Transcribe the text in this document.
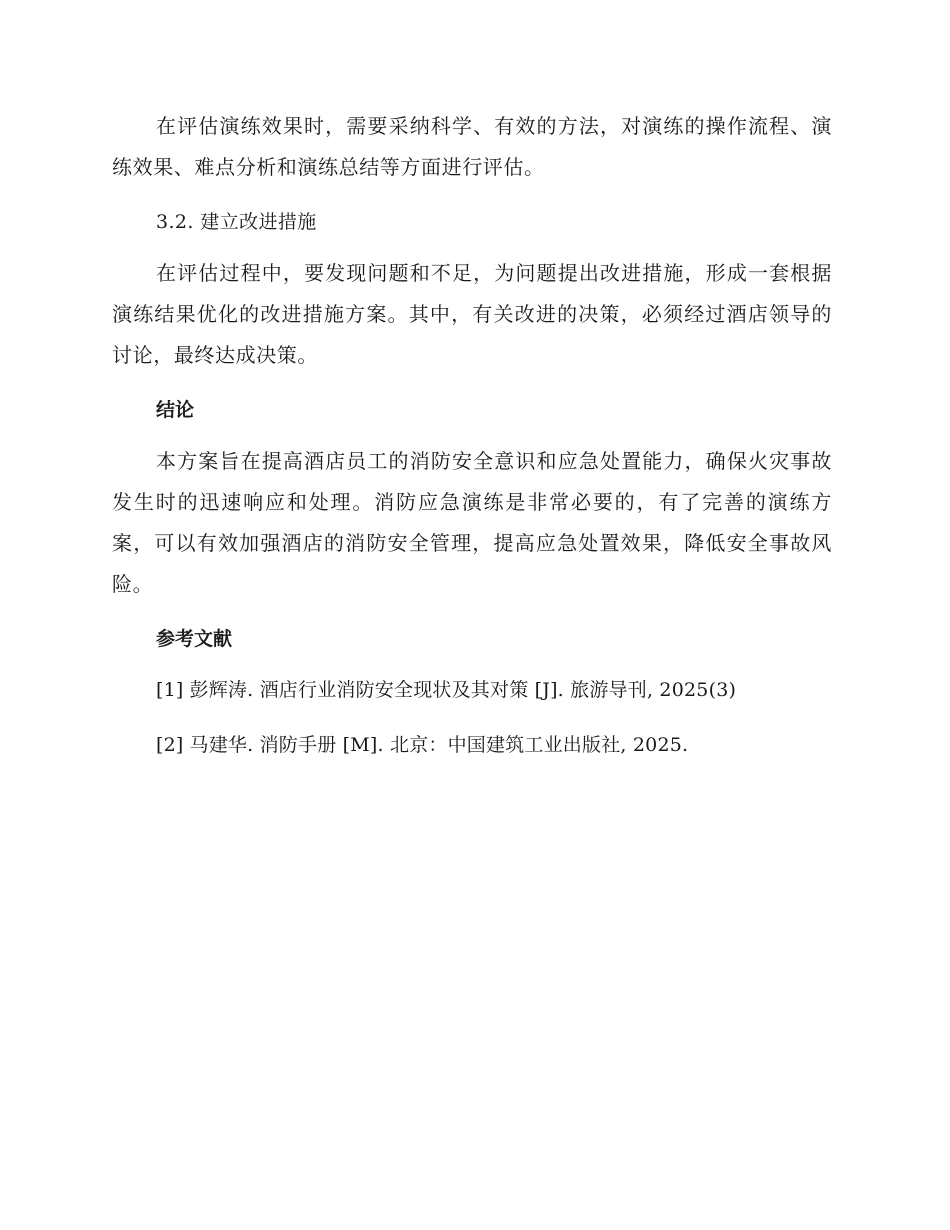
在评估演练效果时，需要采纳科学、有效的方法，对演练的操作流程、演练效果、难点分析和演练总结等方面进行评估。

3.2. 建立改进措施

在评估过程中，要发现问题和不足，为问题提出改进措施，形成一套根据演练结果优化的改进措施方案。其中，有关改进的决策，必须经过酒店领导的讨论，最终达成决策。

结论

本方案旨在提高酒店员工的消防安全意识和应急处置能力，确保火灾事故发生时的迅速响应和处理。消防应急演练是非常必要的，有了完善的演练方案，可以有效加强酒店的消防安全管理，提高应急处置效果，降低安全事故风险。

参考文献
[1] 彭辉涛. 酒店行业消防安全现状及其对策 [J]. 旅游导刊, 2025(3)
[2] 马建华. 消防手册 [M]. 北京：中国建筑工业出版社, 2025.
